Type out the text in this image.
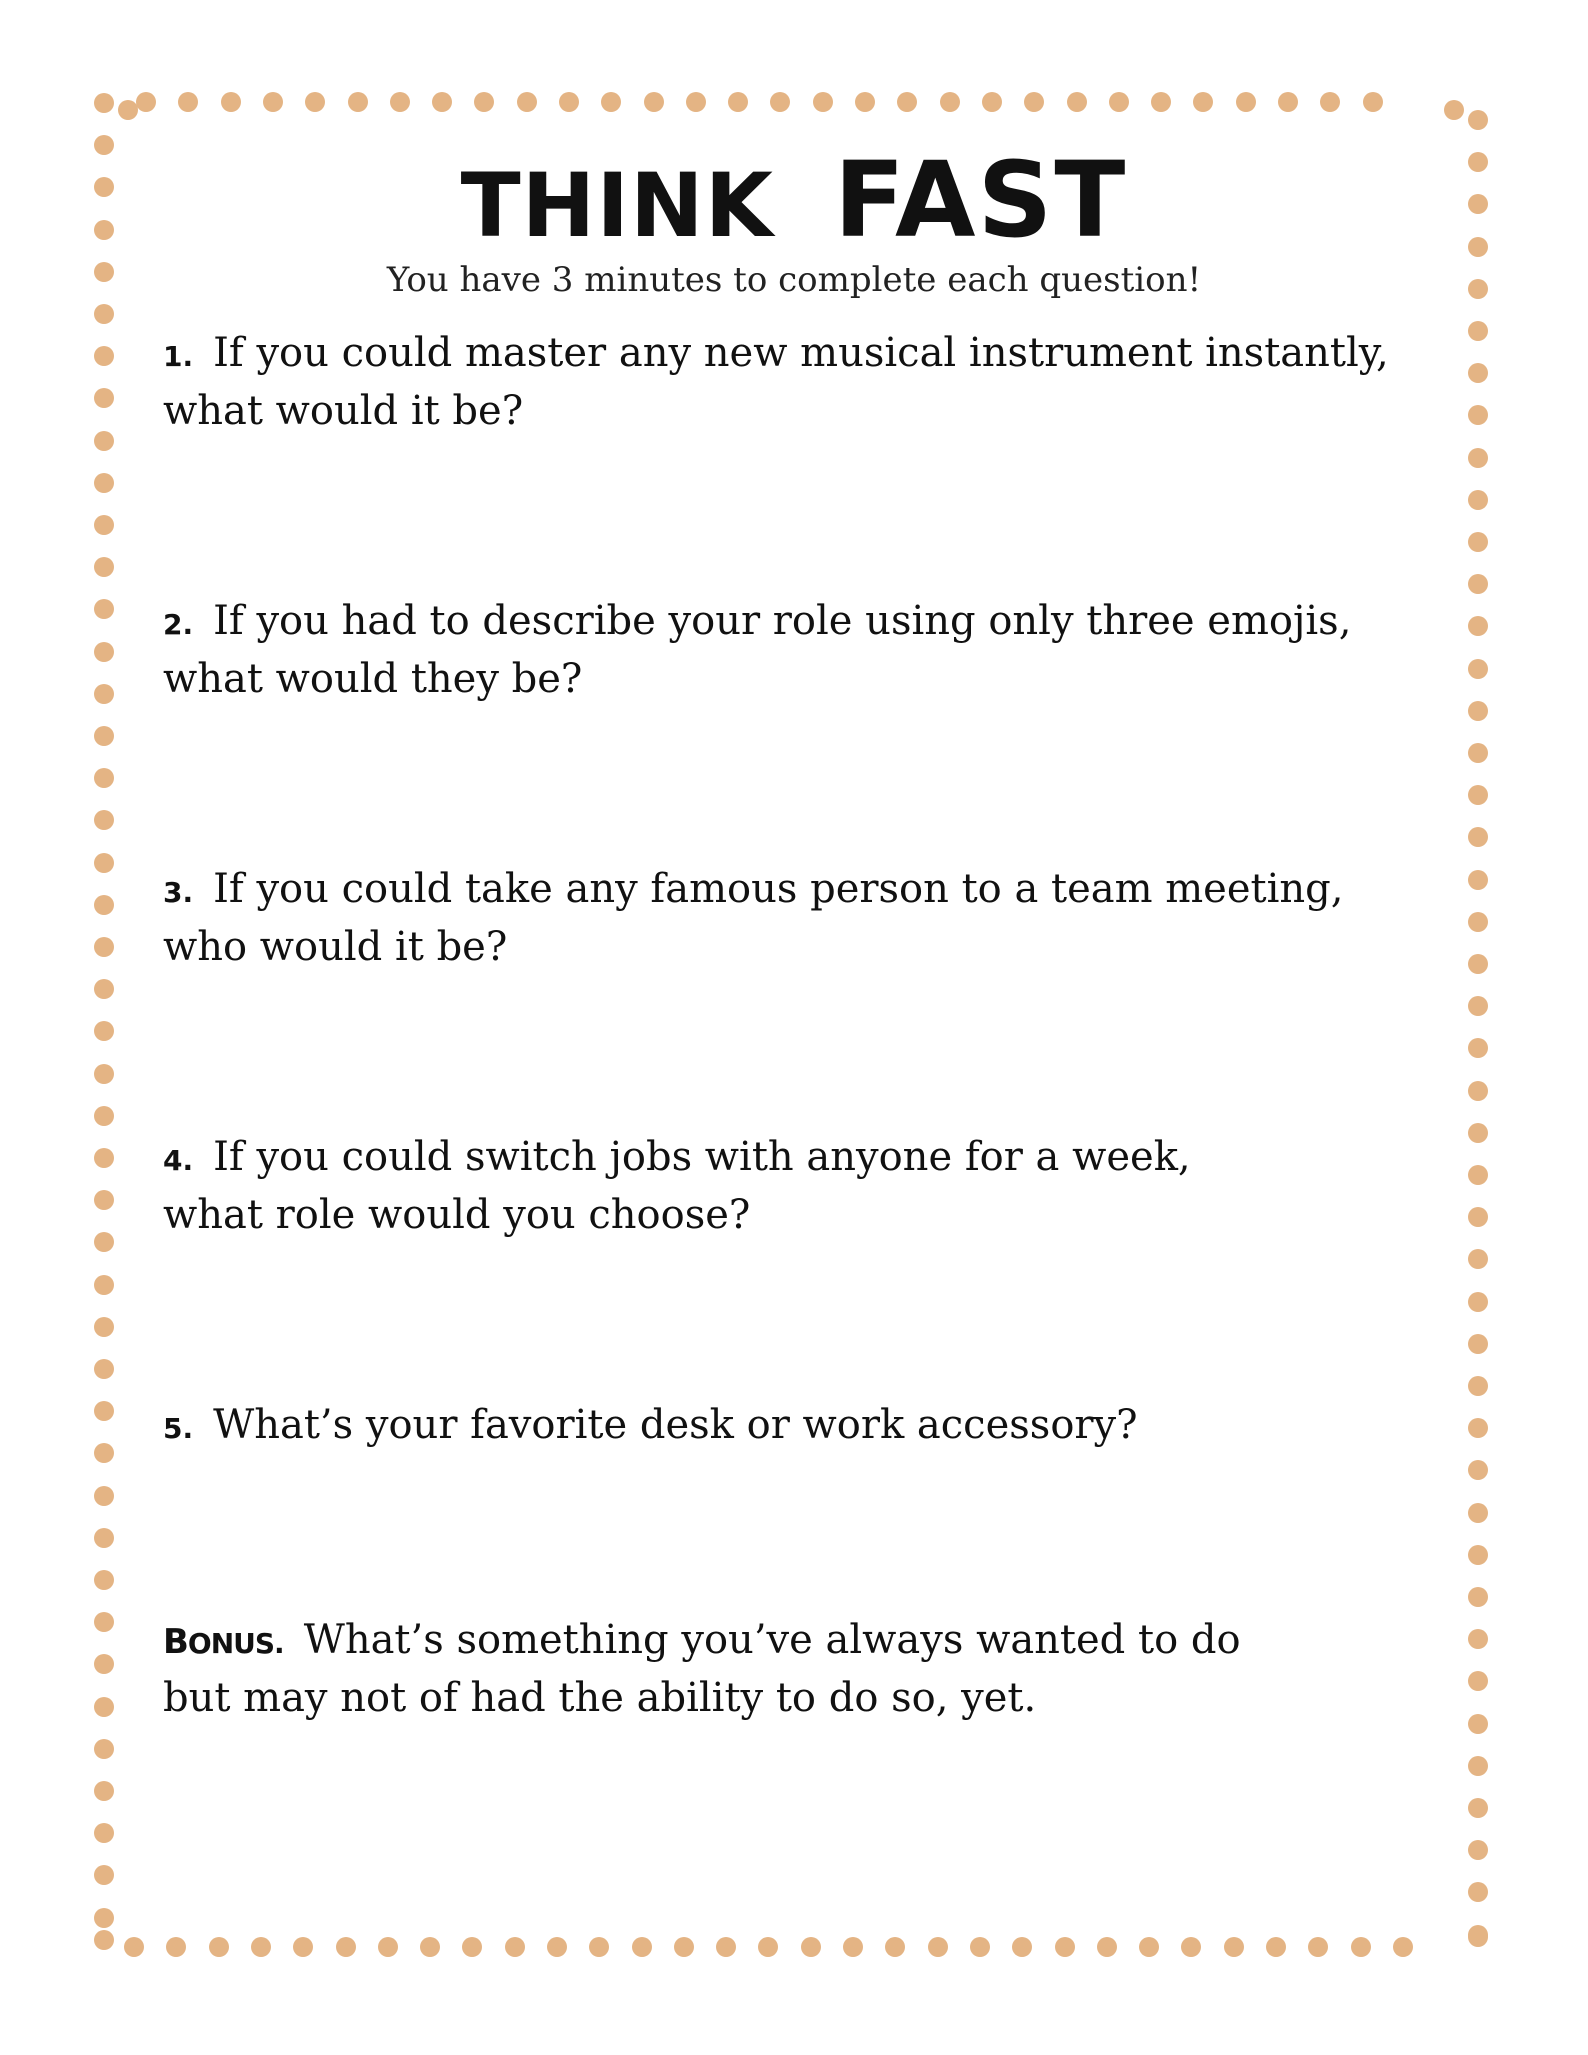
THINK FAST
You have 3 minutes to complete each question!
1. If you could master any new musical instrument instantly,
what would it be?
2. If you had to describe your role using only three emojis,
what would they be?
3. If you could take any famous person to a team meeting,
who would it be?
4. If you could switch jobs with anyone for a week,
what role would you choose?
5. What’s your favorite desk or work accessory?
BONUS. What’s something you’ve always wanted to do
but may not of had the ability to do so, yet.
